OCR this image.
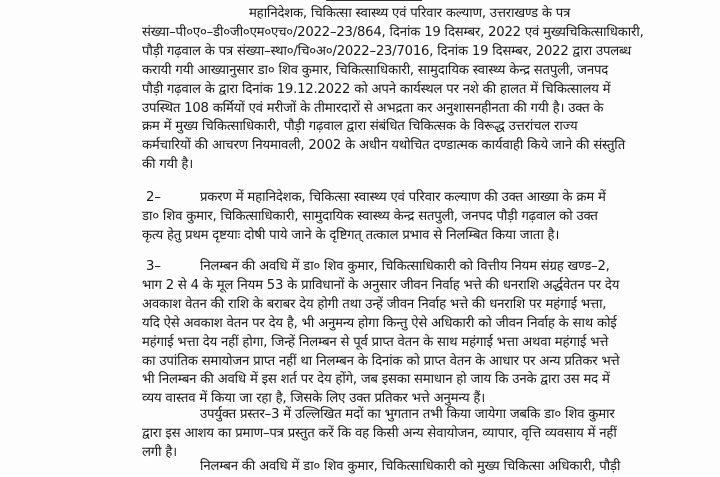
महानिदेशक, चिकित्सा स्वास्थ्य एवं परिवार कल्याण, उत्तराखण्ड के पत्र
संख्या–पी०ए०–डी०जी०एम०एच०/2022–23/864, दिनांक 19 दिसम्बर, 2022 एवं मुख्यचिकित्साधिकारी,
पौड़ी गढ़वाल के पत्र संख्या–स्था०/चि०अ०/2022–23/7016, दिनांक 19 दिसम्बर, 2022 द्वारा उपलब्ध
करायी गयी आख्यानुसार डा० शिव कुमार, चिकित्साधिकारी, सामुदायिक स्वास्थ्य केन्द्र सतपुली, जनपद
पौड़ी गढ़वाल के द्वारा दिनांक 19.12.2022 को अपने कार्यस्थल पर नशे की हालत में चिकित्सालय में
उपस्थित 108 कर्मियों एवं मरीजों के तीमारदारों से अभद्रता कर अनुशासनहीनता की गयी है। उक्त के
क्रम में मुख्य चिकित्साधिकारी, पौड़ी गढ़वाल द्वारा संबंधित चिकित्सक के विरूद्ध उत्तरांचल राज्य
कर्मचारियों की आचरण नियमावली, 2002 के अधीन यथोचित दण्डात्मक कार्यवाही किये जाने की संस्तुति
की गयी है।
2–	प्रकरण में महानिदेशक, चिकित्सा स्वास्थ्य एवं परिवार कल्याण की उक्त आख्या के क्रम में
डा० शिव कुमार, चिकित्साधिकारी, सामुदायिक स्वास्थ्य केन्द्र सतपुली, जनपद पौड़ी गढ़वाल को उक्त
कृत्य हेतु प्रथम दृष्टयाः दोषी पाये जाने के दृष्टिगत् तत्काल प्रभाव से निलम्बित किया जाता है।
3–	निलम्बन की अवधि में डा० शिव कुमार, चिकित्साधिकारी को वित्तीय नियम संग्रह खण्ड–2,
भाग 2 से 4 के मूल नियम 53 के प्राविधानों के अनुसार जीवन निर्वाह भत्ते की धनराशि अर्द्धवेतन पर देय
अवकाश वेतन की राशि के बराबर देय होगी तथा उन्हें जीवन निर्वाह भत्ते की धनराशि पर महंगाई भत्ता,
यदि ऐसे अवकाश वेतन पर देय है, भी अनुमन्य होगा किन्तु ऐसे अधिकारी को जीवन निर्वाह के साथ कोई
महंगाई भत्ता देय नहीं होगा, जिन्हें निलम्बन से पूर्व प्राप्त वेतन के साथ महंगाई भत्ता अथवा महंगाई भत्ते
का उपांतिक समायोजन प्राप्त नहीं था निलम्बन के दिनांक को प्राप्त वेतन के आधार पर अन्य प्रतिकर भत्ते
भी निलम्बन की अवधि में इस शर्त पर देय होंगे, जब इसका समाधान हो जाय कि उनके द्वारा उस मद में
व्यय वास्तव में किया जा रहा है, जिसके लिए उक्त प्रतिकर भत्ते अनुमन्य हैं।
उपर्युक्त प्रस्तर–3 में उल्लिखित मदों का भुगतान तभी किया जायेगा जबकि डा० शिव कुमार
द्वारा इस आशय का प्रमाण–पत्र प्रस्तुत करें कि वह किसी अन्य सेवायोजन, व्यापार, वृत्ति व्यवसाय में नहीं
लगी है।
निलम्बन की अवधि में डा० शिव कुमार, चिकित्साधिकारी को मुख्य चिकित्सा अधिकारी, पौड़ी
